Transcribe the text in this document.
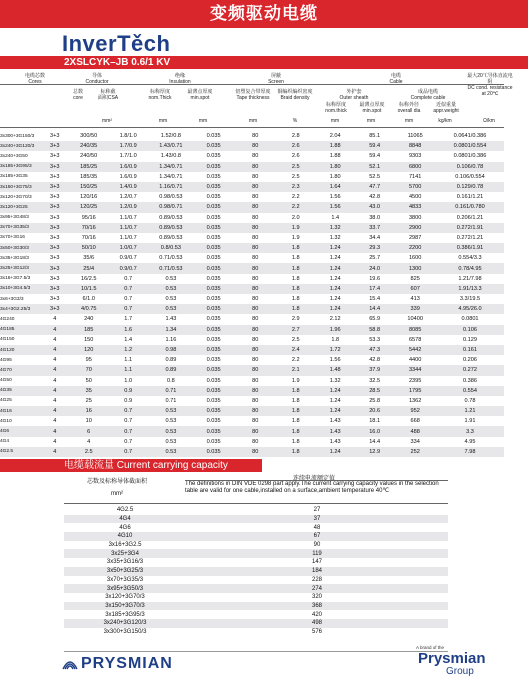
变频驱动电缆
InverTěch
2XSLCYK–JB 0.6/1 KV
电缆芯数
Cores
导体
Conductor
总数
core
标称截
面积CSA
绝缘
Insulation
标称厚度
nom.Thick
最薄点厚度
min.spot
屏蔽
Screen
铝塑复合带厚度
Tape thickness
铜编织编织密度
Braid density
电缆
Cable
外护套
Outer sheath
成品电缆
Complete cable
标称厚度
nom.thick
最薄点厚度
min.spot
标称外径
overall dia
近似重量
appr.weight
最大20℃导体直流电阻
DC cond. resistance at 20℃
mm²	mm	mm	mm	%	mm	mm	mm	kg/km	Ω/km
3x300+3G150/3	3+3	300/50	1.8/1.0	1.52/0.8	0.035	80	2.8	2.04	85.1	11065	0.0641/0.386
3x240+3G120/3	3+3	240/35	1.7/0.9	1.43/0.71	0.035	80	2.6	1.88	59.4	8848	0.0801/0.554
3x240+3G50	3+3	240/50	1.7/1.0	1.43/0.8	0.035	80	2.6	1.88	59.4	9303	0.0801/0.386
3x185+3G95/3	3+3	185/25	1.6/0.9	1.34/0.71	0.035	80	2.5	1.80	52.1	6800	0.106/0.78
3x185+3G35	3+3	185/35	1.6/0.9	1.34/0.71	0.035	80	2.5	1.80	52.5	7141	0.106/0.554
3x150+3G75/3	3+3	150/25	1.4/0.9	1.16/0.71	0.035	80	2.3	1.64	47.7	5700	0.129/0.78
3x120+3G70/3	3+3	120/16	1.2/0.7	0.98/0.53	0.035	80	2.2	1.56	42.8	4500	0.161/1.21
3x120+3G25	3+3	120/25	1.2/0.9	0.98/0.71	0.035	80	2.2	1.56	43.0	4833	0.161/0.780
3x95+3G48/3	3+3	95/16	1.1/0.7	0.89/0.53	0.035	80	2.0	1.4	38.0	3800	0.206/1.21
3x70+3G35/3	3+3	70/16	1.1/0.7	0.89/0.53	0.035	80	1.9	1.32	33.7	2900	0.272/1.91
3x70+3G16	3+3	70/16	1.1/0.7	0.89/0.53	0.035	80	1.9	1.32	34.4	2987	0.272/1.21
3x50+3G30/3	3+3	50/10	1.0/0.7	0.8/0.53	0.035	80	1.8	1.24	29.3	2200	0.386/1.91
3x35+3G18/3	3+3	35/6	0.9/0.7	0.71/0.53	0.035	80	1.8	1.24	25.7	1600	0.554/3.3
3x25+3G12/3	3+3	25/4	0.9/0.7	0.71/0.53	0.035	80	1.8	1.24	24.0	1300	0.78/4.95
3x16+3G7.5/3	3+3	16/2.5	0.7	0.53	0.035	80	1.8	1.24	19.6	825	1.21/7.98
3x10+3G4.5/3	3+3	10/1.5	0.7	0.53	0.035	80	1.8	1.24	17.4	607	1.91/13.3
3x6+3G3/3	3+3	6/1.0	0.7	0.53	0.035	80	1.8	1.24	15.4	413	3.3/19.5
3x4+3G2.25/3	3+3	4/0.75	0.7	0.53	0.035	80	1.8	1.24	14.4	339	4.95/26.0
4G240	4	240	1.7	1.43	0.035	80	2.9	2.12	65.9	10400	0.0801
4G185	4	185	1.6	1.34	0.035	80	2.7	1.96	58.8	8085	0.106
4G150	4	150	1.4	1.16	0.035	80	2.5	1.8	53.3	6578	0.129
4G120	4	120	1.2	0.98	0.035	80	2.4	1.72	47.3	5442	0.161
4G95	4	95	1.1	0.89	0.035	80	2.2	1.56	42.8	4400	0.206
4G70	4	70	1.1	0.89	0.035	80	2.1	1.48	37.9	3344	0.272
4G50	4	50	1.0	0.8	0.035	80	1.9	1.32	32.5	2395	0.386
4G35	4	35	0.9	0.71	0.035	80	1.8	1.24	28.5	1795	0.554
4G25	4	25	0.9	0.71	0.035	80	1.8	1.24	25.8	1362	0.78
4G16	4	16	0.7	0.53	0.035	80	1.8	1.24	20.6	952	1.21
4G10	4	10	0.7	0.53	0.035	80	1.8	1.43	18.1	668	1.91
4G6	4	6	0.7	0.53	0.035	80	1.8	1.43	16.0	488	3.3
4G4	4	4	0.7	0.53	0.035	80	1.8	1.43	14.4	334	4.95
4G2.5	4	2.5	0.7	0.53	0.035	80	1.8	1.24	12.9	252	7.98
电缆载流量 Current carrying capacity
芯数及标称导体截面积
mm²
连续电流额定值
The definitions in DIN VDE 0298 part apply.The current carrying capacity values in the selection table are valid for one cable,installed on a surface,ambient temperature 40℃
4G2.5	27
4G4	37
4G6	48
4G10	67
3x16+3G2.5	90
3x25+3G4	119
3x35+3G16/3	147
3x50+3G25/3	184
3x70+3G35/3	228
3x95+3G50/3	274
3x120+3G70/3	320
3x150+3G70/3	368
3x185+3G95/3	420
3x240+3G120/3	498
3x300+3G150/3	576
PRYSMIAN
A brand of the
Prysmian
Group
